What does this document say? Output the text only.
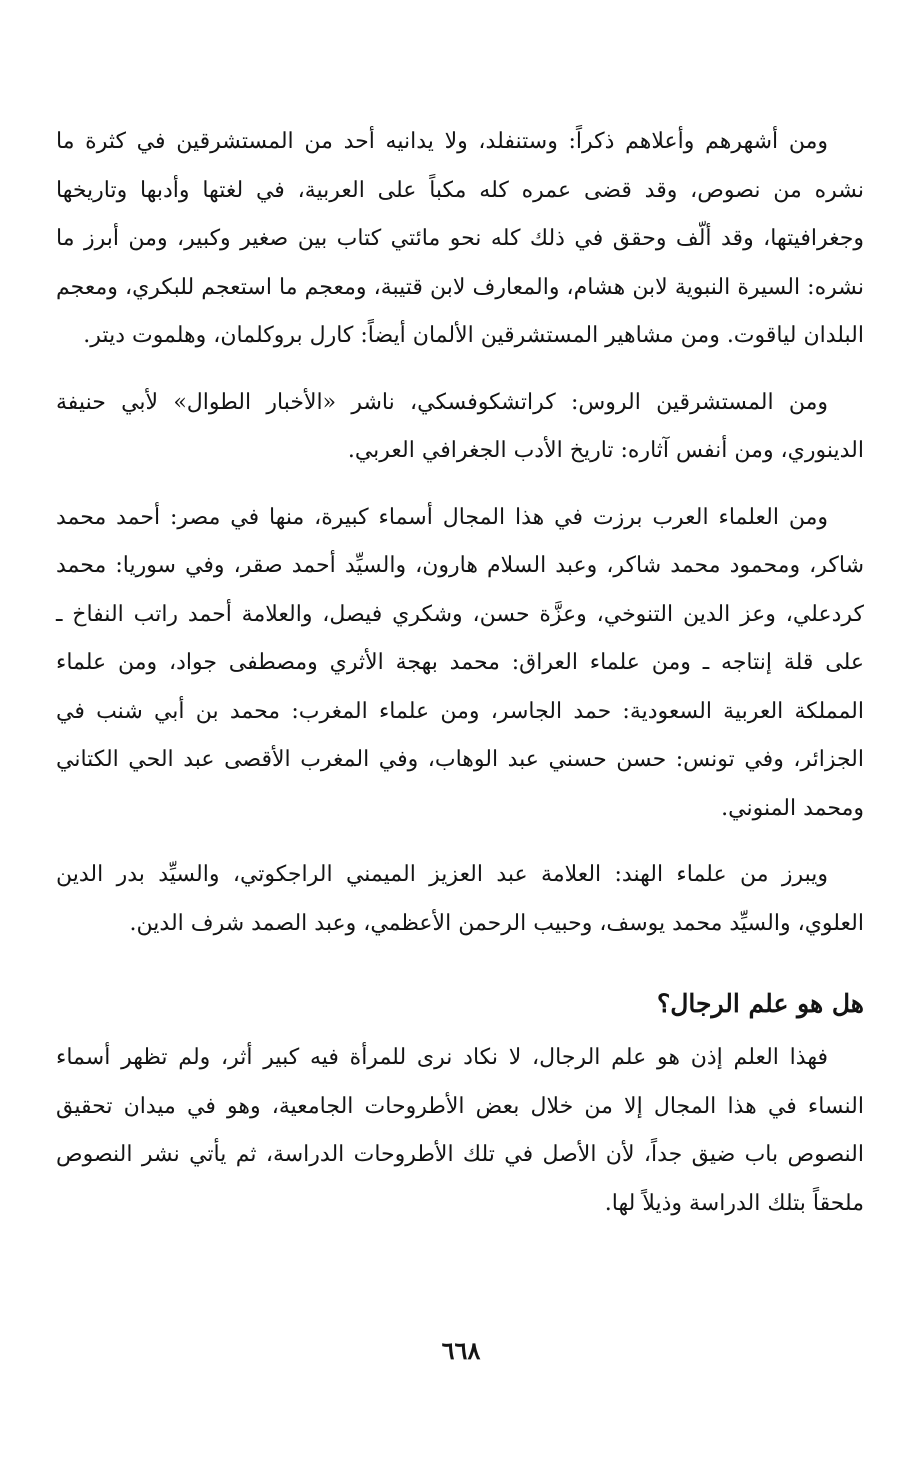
ومن أشهرهم وأعلاهم ذكراً: وستنفلد، ولا يدانيه أحد من المستشرقين في كثرة ما نشره من نصوص، وقد قضى عمره كله مكباً على العربية، في لغتها وأدبها وتاريخها وجغرافيتها، وقد ألّف وحقق في ذلك كله نحو مائتي كتاب بين صغير وكبير، ومن أبرز ما نشره: السيرة النبوية لابن هشام، والمعارف لابن قتيبة، ومعجم ما استعجم للبكري، ومعجم البلدان لياقوت. ومن مشاهير المستشرقين الألمان أيضاً: كارل بروكلمان، وهلموت ديتر.

ومن المستشرقين الروس: كراتشكوفسكي، ناشر «الأخبار الطوال» لأبي حنيفة الدينوري، ومن أنفس آثاره: تاريخ الأدب الجغرافي العربي.

ومن العلماء العرب برزت في هذا المجال أسماء كبيرة، منها في مصر: أحمد محمد شاكر، ومحمود محمد شاكر، وعبد السلام هارون، والسيِّد أحمد صقر، وفي سوريا: محمد كردعلي، وعز الدين التنوخي، وعزَّة حسن، وشكري فيصل، والعلامة أحمد راتب النفاخ ـ على قلة إنتاجه ـ ومن علماء العراق: محمد بهجة الأثري ومصطفى جواد، ومن علماء المملكة العربية السعودية: حمد الجاسر، ومن علماء المغرب: محمد بن أبي شنب في الجزائر، وفي تونس: حسن حسني عبد الوهاب، وفي المغرب الأقصى عبد الحي الكتاني ومحمد المنوني.

ويبرز من علماء الهند: العلامة عبد العزيز الميمني الراجكوتي، والسيِّد بدر الدين العلوي، والسيِّد محمد يوسف، وحبيب الرحمن الأعظمي، وعبد الصمد شرف الدين.

هل هو علم الرجال؟

فهذا العلم إذن هو علم الرجال، لا نكاد نرى للمرأة فيه كبير أثر، ولم تظهر أسماء النساء في هذا المجال إلا من خلال بعض الأطروحات الجامعية، وهو في ميدان تحقيق النصوص باب ضيق جداً، لأن الأصل في تلك الأطروحات الدراسة، ثم يأتي نشر النصوص ملحقاً بتلك الدراسة وذيلاً لها.

٦٦٨
